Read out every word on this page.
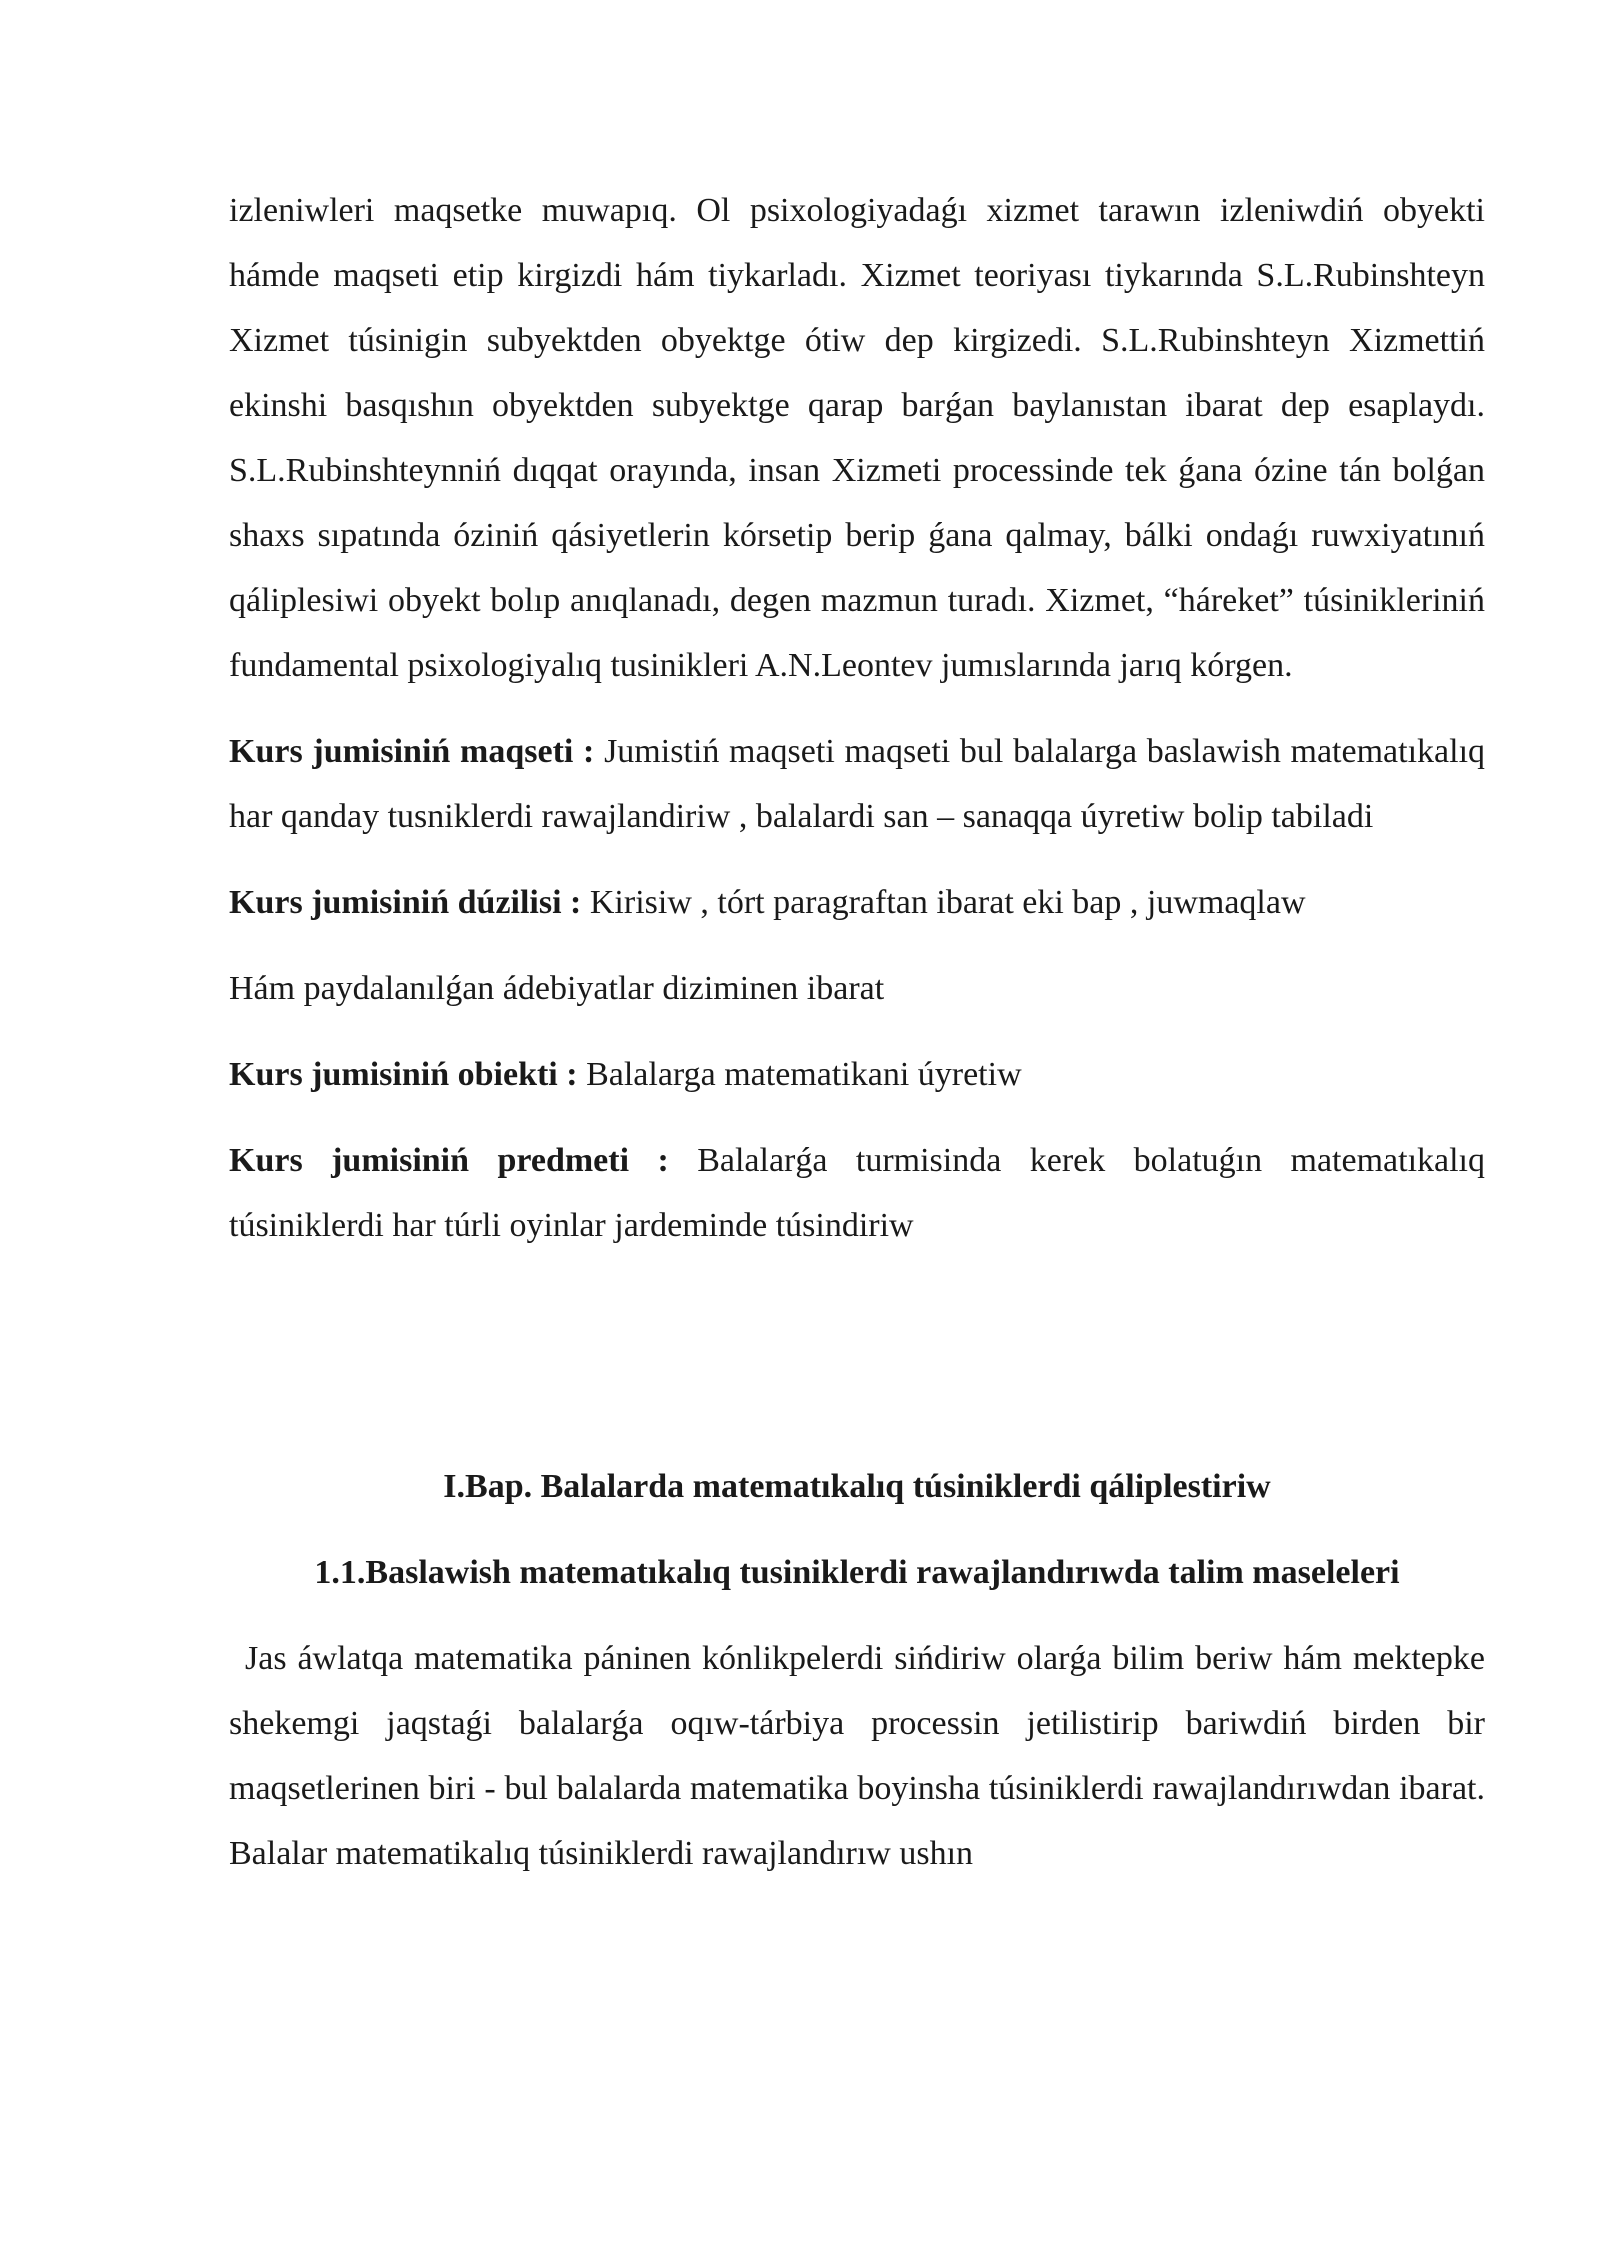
izleniwleri maqsetke muwapıq. Ol psixologiyadaǵı xizmet tarawın izleniwdiń obyekti hámde maqseti etip kirgizdi hám tiykarladı. Xizmet teoriyası tiykarında S.L.Rubinshteyn Xizmet túsinigin subyektden obyektge ótiw dep kirgizedi. S.L.Rubinshteyn Xizmettiń ekinshi basqıshın obyektden subyektge qarap barǵan baylanıstan ibarat dep esaplaydı. S.L.Rubinshteynniń dıqqat orayında, insan Xizmeti processinde tek ǵana ózine tán bolǵan shaxs sıpatında óziniń qásiyetlerin kórsetip berip ǵana qalmay, bálki ondaǵı ruwxiyatınıń qáliplesiwi obyekt bolıp anıqlanadı, degen mazmun turadı. Xizmet, “háreket” túsinikleriniń fundamental psixologiyalıq tusinikleri A.N.Leontev jumıslarında jarıq kórgen.

Kurs jumisiniń maqseti : Jumistiń maqseti maqseti bul balalarga baslawish matematıkalıq har qanday tusniklerdi rawajlandiriw , balalardi san – sanaqqa úyretiw bolip tabiladi

Kurs jumisiniń dúzilisi : Kirisiw , tórt paragraftan ibarat eki bap , juwmaqlaw

Hám paydalanılǵan ádebiyatlar diziminen ibarat

Kurs jumisiniń obiekti : Balalarga matematikani úyretiw

Kurs jumisiniń predmeti : Balalarǵa turmisinda kerek bolatuǵın matematıkalıq túsiniklerdi har túrli oyinlar jardeminde túsindiriw

I.Bap. Balalarda matematıkalıq túsiniklerdi qáliplestiriw

1.1.Baslawish matematıkalıq tusiniklerdi rawajlandırıwda talim maseleleri

Jas áwlatqa matematika páninen kónlikpelerdi sińdiriw olarǵa bilim beriw hám mektepke shekemgi jaqstaǵi balalarǵa oqıw-tárbiya processin jetilistirip bariwdiń birden bir maqsetlerinen biri - bul balalarda matematika boyinsha túsiniklerdi rawajlandırıwdan ibarat. Balalar matematikalıq túsiniklerdi rawajlandırıw ushın
